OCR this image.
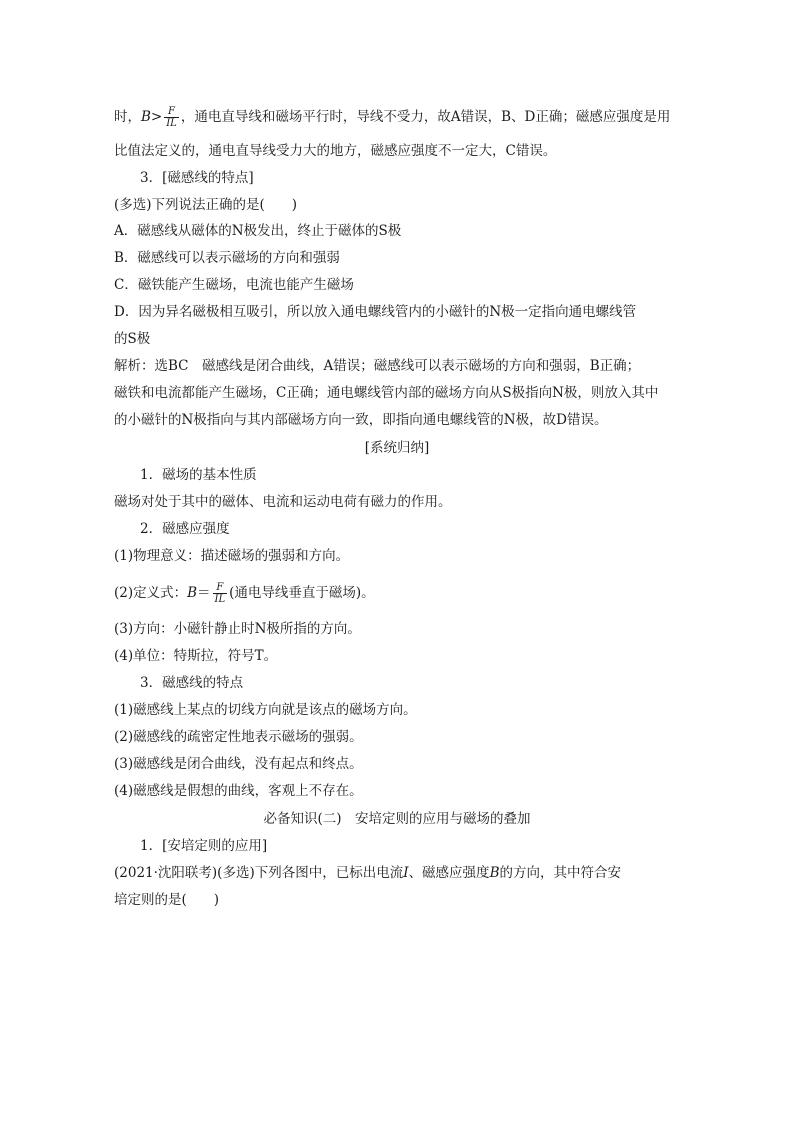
时，$B> \frac{F}{IL}$ ，通电直导线和磁场平行时，导线不受力，故A错误，B、D正确；磁感应强度是用
比值法定义的，通电直导线受力大的地方，磁感应强度不一定大，C错误。
3．[磁感线的特点]
(多选)下列说法正确的是(　　)
A．磁感线从磁体的N极发出，终止于磁体的S极
B．磁感线可以表示磁场的方向和强弱
C．磁铁能产生磁场，电流也能产生磁场
D．因为异名磁极相互吸引，所以放入通电螺线管内的小磁针的N极一定指向通电螺线管
的S极
解析：选BC　磁感线是闭合曲线，A错误；磁感线可以表示磁场的方向和强弱，B正确；
磁铁和电流都能产生磁场，C正确；通电螺线管内部的磁场方向从S极指向N极，则放入其中
的小磁针的N极指向与其内部磁场方向一致，即指向通电螺线管的N极，故D错误。
[系统归纳]
1．磁场的基本性质
磁场对处于其中的磁体、电流和运动电荷有磁力的作用。
2．磁感应强度
(1)物理意义：描述磁场的强弱和方向。
(2)定义式：$B= \frac{F}{IL}$ (通电导线垂直于磁场)。
(3)方向：小磁针静止时N极所指的方向。
(4)单位：特斯拉，符号T。
3．磁感线的特点
(1)磁感线上某点的切线方向就是该点的磁场方向。
(2)磁感线的疏密定性地表示磁场的强弱。
(3)磁感线是闭合曲线，没有起点和终点。
(4)磁感线是假想的曲线，客观上不存在。
必备知识(二)　安培定则的应用与磁场的叠加
1．[安培定则的应用]
(2021·沈阳联考)(多选)下列各图中，已标出电流I、磁感应强度B的方向，其中符合安
培定则的是(　　)
